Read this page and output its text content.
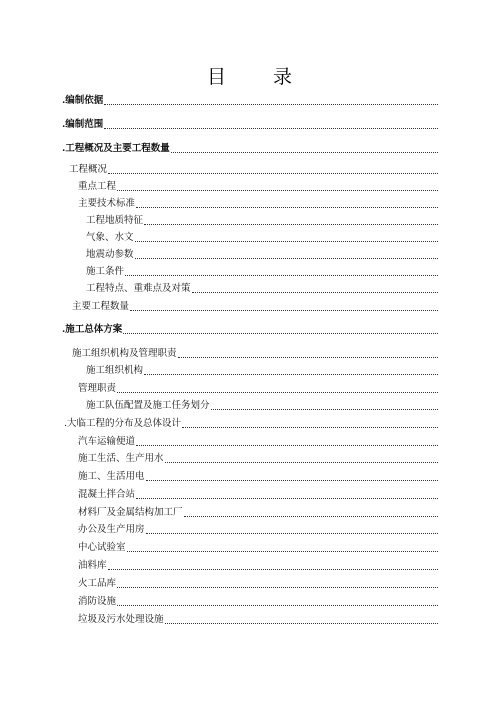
目 录
.编制依据
.编制范围
.工程概况及主要工程数量
工程概况
重点工程
主要技术标准
工程地质特征
气象、水文
地震动参数
施工条件
工程特点、重难点及对策
主要工程数量
.施工总体方案
施工组织机构及管理职责
施工组织机构
管理职责
施工队伍配置及施工任务划分
.大临工程的分布及总体设计
汽车运输便道
施工生活、生产用水
施工、生活用电
混凝土拌合站
材料厂及金属结构加工厂
办公及生产用房
中心试验室
油料库
火工品库
消防设施
垃圾及污水处理设施
